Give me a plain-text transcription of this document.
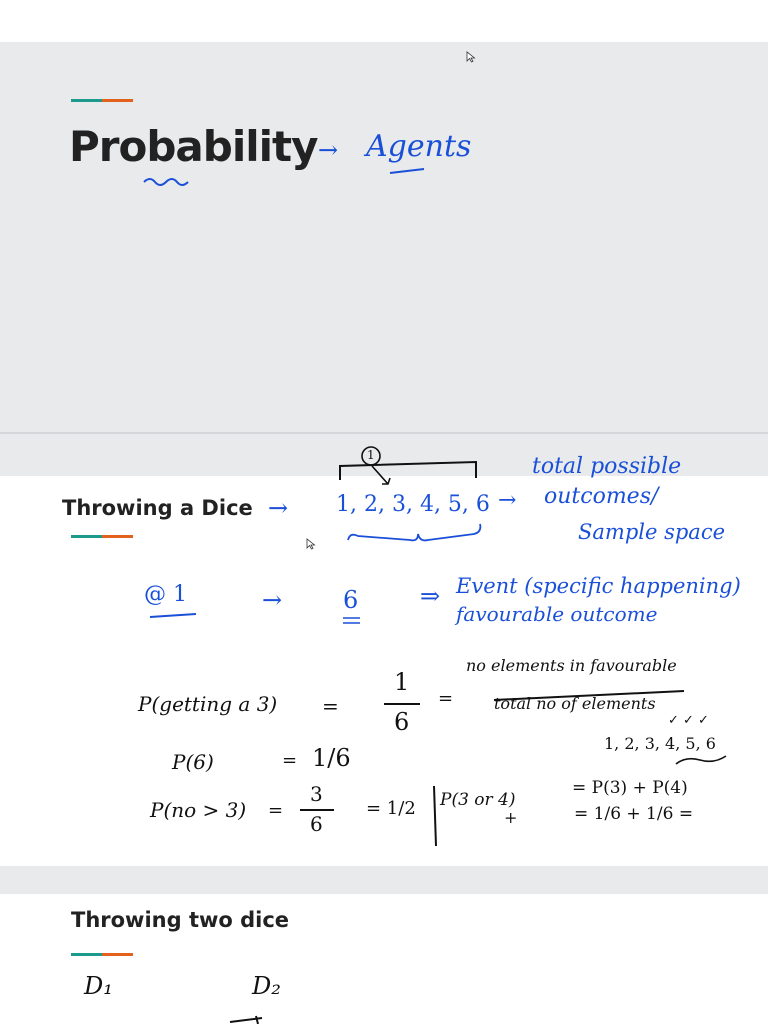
Probability → Agents
Throwing a Dice
1
→ 1, 2, 3, 4, 5, 6 →
total possible
outcomes/
Sample space
@ 1	→	6	⇒ Event (specific happening)
favourable outcome
P(getting a 3) =
1
6
=
no elements in favourable
total no of elements
✓ ✓ ✓
1, 2, 3, 4, 5, 6
P(6)	= 1/6
P(no > 3) =
3
6
= 1/2 P(3 or 4)
+
= P(3) + P(4)
= 1/6 + 1/6 =
Throwing two dice
D₁	D₂
